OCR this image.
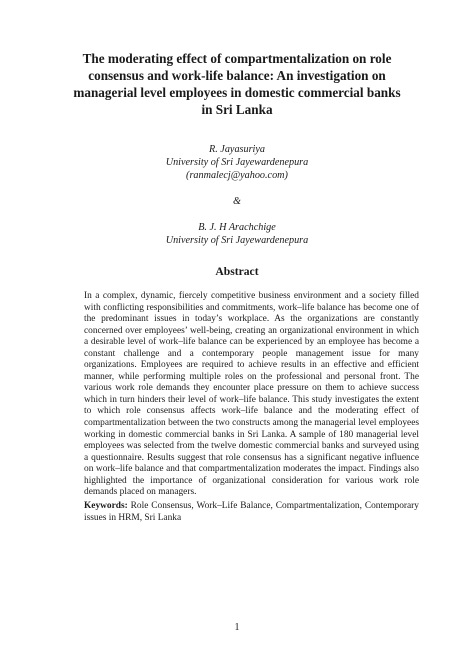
The moderating effect of compartmentalization on role consensus and work-life balance: An investigation on managerial level employees in domestic commercial banks in Sri Lanka
R. Jayasuriya
University of Sri Jayewardenepura
(ranmalecj@yahoo.com)
&
B. J. H Arachchige
University of Sri Jayewardenepura
Abstract
In a complex, dynamic, fiercely competitive business environment and a society filled with conflicting responsibilities and commitments, work–life balance has become one of the predominant issues in today’s workplace. As the organizations are constantly concerned over employees’ well-being, creating an organizational environment in which a desirable level of work–life balance can be experienced by an employee has become a constant challenge and a contemporary people management issue for many organizations. Employees are required to achieve results in an effective and efficient manner, while performing multiple roles on the professional and personal front. The various work role demands they encounter place pressure on them to achieve success which in turn hinders their level of work–life balance. This study investigates the extent to which role consensus affects work–life balance and the moderating effect of compartmentalization between the two constructs among the managerial level employees working in domestic commercial banks in Sri Lanka. A sample of 180 managerial level employees was selected from the twelve domestic commercial banks and surveyed using a questionnaire. Results suggest that role consensus has a significant negative influence on work–life balance and that compartmentalization moderates the impact. Findings also highlighted the importance of organizational consideration for various work role demands placed on managers.
Keywords: Role Consensus, Work–Life Balance, Compartmentalization, Contemporary issues in HRM, Sri Lanka
1
